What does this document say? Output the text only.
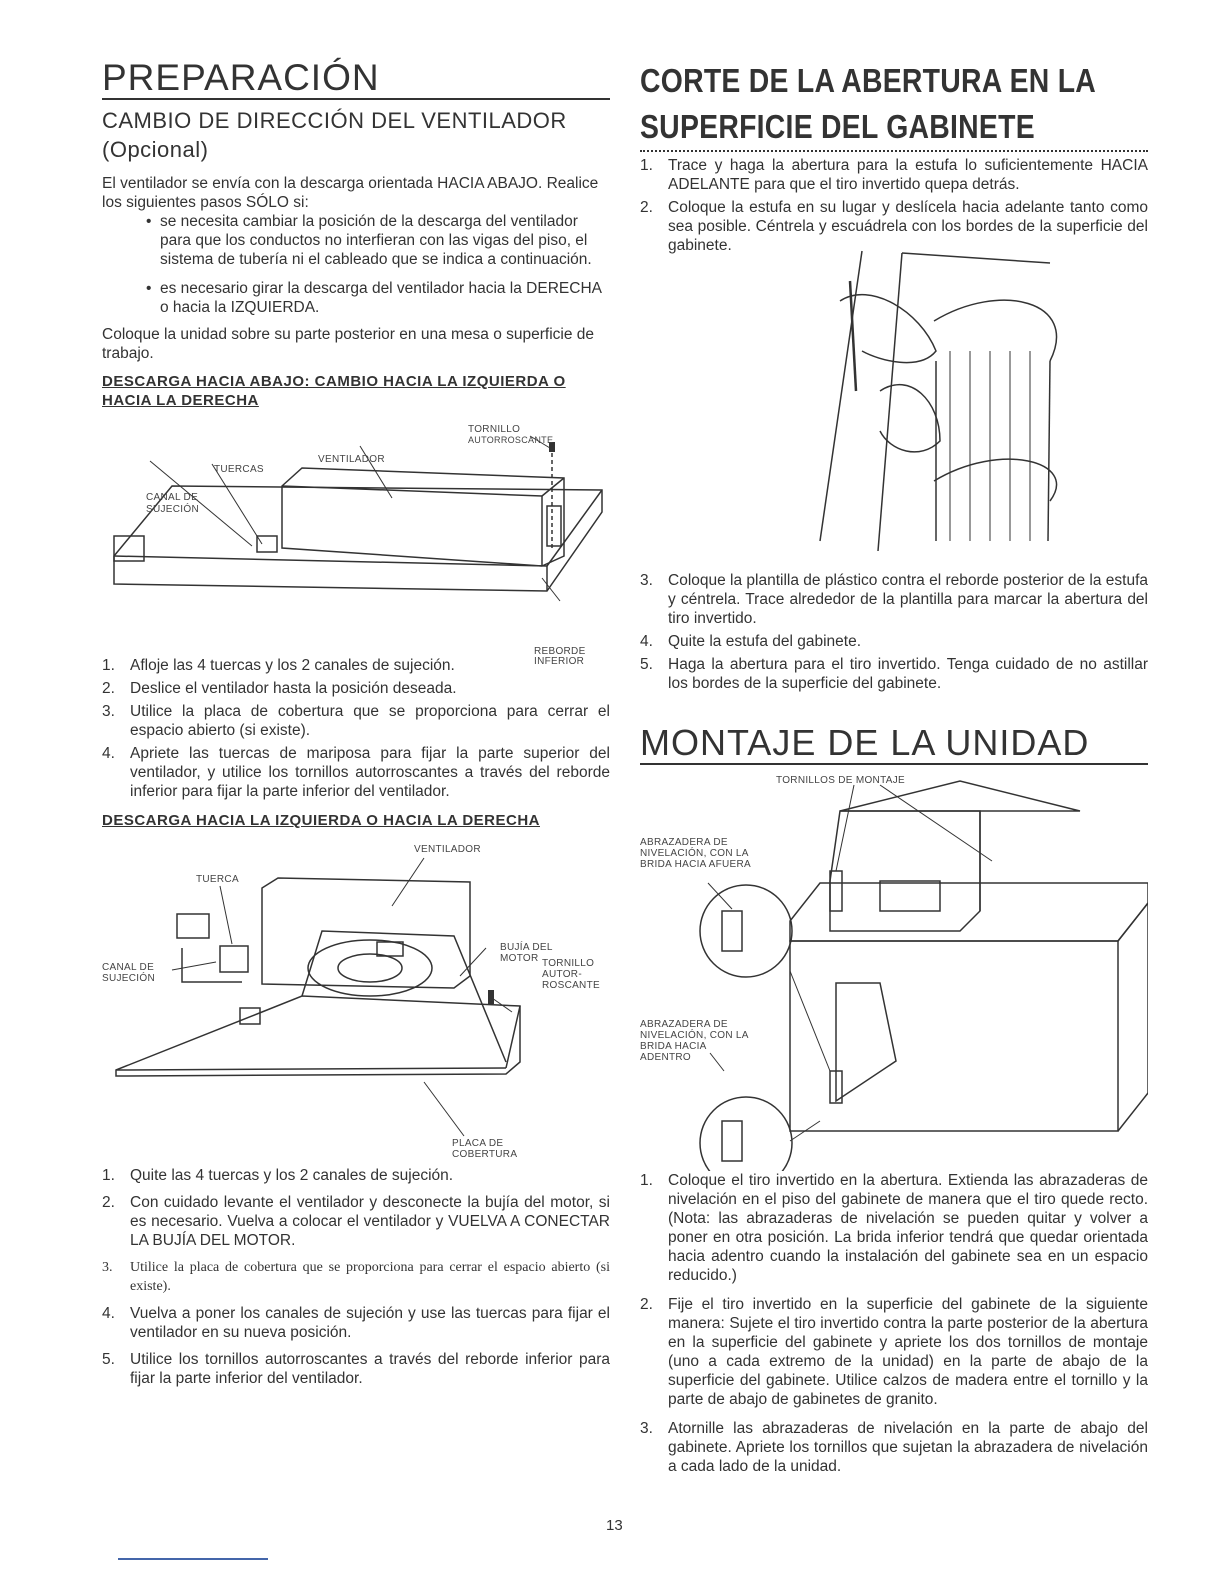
PREPARACIÓN
CAMBIO DE DIRECCIÓN DEL VENTILADOR
(Opcional)

El ventilador se envía con la descarga orientada HACIA ABAJO. Realice los siguientes pasos SÓLO si:

• se necesita cambiar la posición de la descarga del ventilador para que los conductos no interfieran con las vigas del piso, el sistema de tubería ni el cableado que se indica a continuación.
• es necesario girar la descarga del ventilador hacia la DERECHA o hacia la IZQUIERDA.

Coloque la unidad sobre su parte posterior en una mesa o superficie de trabajo.

DESCARGA HACIA ABAJO: CAMBIO HACIA LA IZQUIERDA O HACIA LA DERECHA

TORNILLO
AUTORROSCANTE
VENTILADOR
TUERCAS
CANAL DE
SUJECIÓN
REBORDE
INFERIOR
1. Afloje las 4 tuercas y los 2 canales de sujeción.
2. Deslice el ventilador hasta la posición deseada.
3. Utilice la placa de cobertura que se proporciona para cerrar el espacio abierto (si existe).
4. Apriete las tuercas de mariposa para fijar la parte superior del ventilador, y utilice los tornillos autorroscantes a través del reborde inferior para fijar la parte inferior del ventilador.

DESCARGA HACIA LA IZQUIERDA O HACIA LA DERECHA

VENTILADOR
TUERCA
BUJÍA DEL
MOTOR
CANAL DE
SUJECIÓN
TORNILLO
AUTOR-
ROSCANTE
PLACA DE
COBERTURA
1. Quite las 4 tuercas y los 2 canales de sujeción.
2. Con cuidado levante el ventilador y desconecte la bujía del motor, si es necesario. Vuelva a colocar el ventilador y VUELVA A CONECTAR LA BUJÍA DEL MOTOR.
3. Utilice la placa de cobertura que se proporciona para cerrar el espacio abierto (si existe).
4. Vuelva a poner los canales de sujeción y use las tuercas para fijar el ventilador en su nueva posición.
5. Utilice los tornillos autorroscantes a través del reborde inferior para fijar la parte inferior del ventilador.
CORTE DE LA ABERTURA EN LA
SUPERFICIE DEL GABINETE
1. Trace y haga la abertura para la estufa lo suficientemente HACIA ADELANTE para que el tiro invertido quepa detrás.
2. Coloque la estufa en su lugar y deslícela hacia adelante tanto como sea posible. Céntrela y escuádrela con los bordes de la superficie del gabinete.
3. Coloque la plantilla de plástico contra el reborde posterior de la estufa y céntrela. Trace alrededor de la plantilla para marcar la abertura del tiro invertido.
4. Quite la estufa del gabinete.
5. Haga la abertura para el tiro invertido. Tenga cuidado de no astillar los bordes de la superficie del gabinete.
MONTAJE DE LA UNIDAD
TORNILLOS DE MONTAJE
ABRAZADERA DE
NIVELACIÓN, CON LA
BRIDA HACIA AFUERA
ABRAZADERA DE
NIVELACIÓN, CON LA
BRIDA HACIA
ADENTRO
1. Coloque el tiro invertido en la abertura. Extienda las abrazaderas de nivelación en el piso del gabinete de manera que el tiro quede recto. (Nota: las abrazaderas de nivelación se pueden quitar y volver a poner en otra posición. La brida inferior tendrá que quedar orientada hacia adentro cuando la instalación del gabinete sea en un espacio reducido.)
2. Fije el tiro invertido en la superficie del gabinete de la siguiente manera: Sujete el tiro invertido contra la parte posterior de la abertura en la superficie del gabinete y apriete los dos tornillos de montaje (uno a cada extremo de la unidad) en la parte de abajo de la superficie del gabinete. Utilice calzos de madera entre el tornillo y la parte de abajo de gabinetes de granito.
3. Atornille las abrazaderas de nivelación en la parte de abajo del gabinete. Apriete los tornillos que sujetan la abrazadera de nivelación a cada lado de la unidad.
13
